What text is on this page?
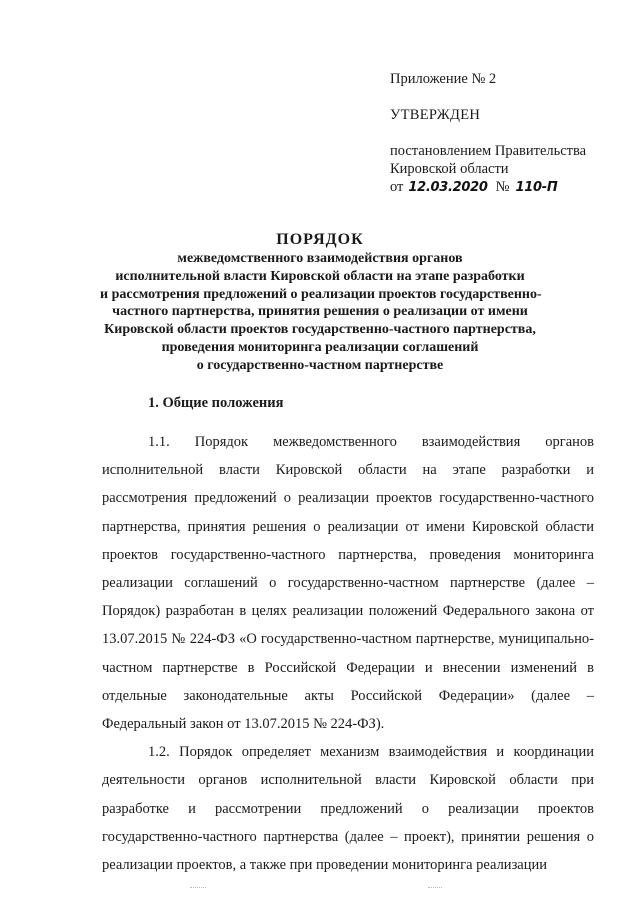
Приложение № 2
УТВЕРЖДЕН
постановлением Правительства
Кировской области
от 12.03.2020 № 110-П
ПОРЯДОК
межведомственного взаимодействия органов
исполнительной власти Кировской области на этапе разработки
и рассмотрения предложений о реализации проектов государственно-
частного партнерства, принятия решения о реализации от имени
Кировской области проектов государственно-частного партнерства,
проведения мониторинга реализации соглашений
о государственно-частном партнерстве
1. Общие положения

1.1. Порядок межведомственного взаимодействия органов исполнительной власти Кировской области на этапе разработки и рассмотрения предложений о реализации проектов государственно-частного партнерства, принятия решения о реализации от имени Кировской области проектов государственно-частного партнерства, проведения мониторинга реализации соглашений о государственно-частном партнерстве (далее – Порядок) разработан в целях реализации положений Федерального закона от 13.07.2015 № 224-ФЗ «О государственно-частном партнерстве, муниципально-частном партнерстве в Российской Федерации и внесении изменений в отдельные законодательные акты Российской Федерации» (далее – Федеральный закон от 13.07.2015 № 224-ФЗ).

1.2. Порядок определяет механизм взаимодействия и координации деятельности органов исполнительной власти Кировской области при разработке и рассмотрении предложений о реализации проектов государственно-частного партнерства (далее – проект), принятии решения о реализации проектов, а также при проведении мониторинга реализации
